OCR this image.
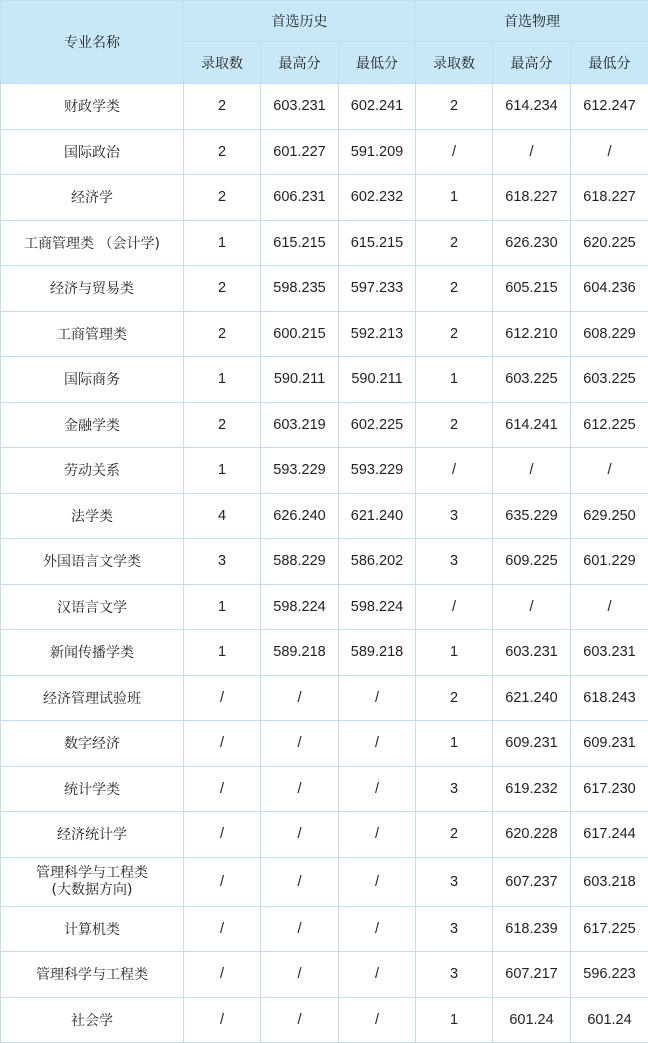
专业名称	首选历史			首选物理		
	录取数	最高分	最低分	录取数	最高分	最低分
财政学类	2	603.231	602.241	2	614.234	612.247
国际政治	2	601.227	591.209	/	/	/
经济学	2	606.231	602.232	1	618.227	618.227
工商管理类 （会计学)	1	615.215	615.215	2	626.230	620.225
经济与贸易类	2	598.235	597.233	2	605.215	604.236
工商管理类	2	600.215	592.213	2	612.210	608.229
国际商务	1	590.211	590.211	1	603.225	603.225
金融学类	2	603.219	602.225	2	614.241	612.225
劳动关系	1	593.229	593.229	/	/	/
法学类	4	626.240	621.240	3	635.229	629.250
外国语言文学类	3	588.229	586.202	3	609.225	601.229
汉语言文学	1	598.224	598.224	/	/	/
新闻传播学类	1	589.218	589.218	1	603.231	603.231
经济管理试验班	/	/	/	2	621.240	618.243
数字经济	/	/	/	1	609.231	609.231
统计学类	/	/	/	3	619.232	617.230
经济统计学	/	/	/	2	620.228	617.244

管理科学与工程类
(大数据方向)	/	/	/	3	607.237	603.218
计算机类	/	/	/	3	618.239	617.225
管理科学与工程类	/	/	/	3	607.217	596.223
社会学	/	/	/	1	601.24	601.24
